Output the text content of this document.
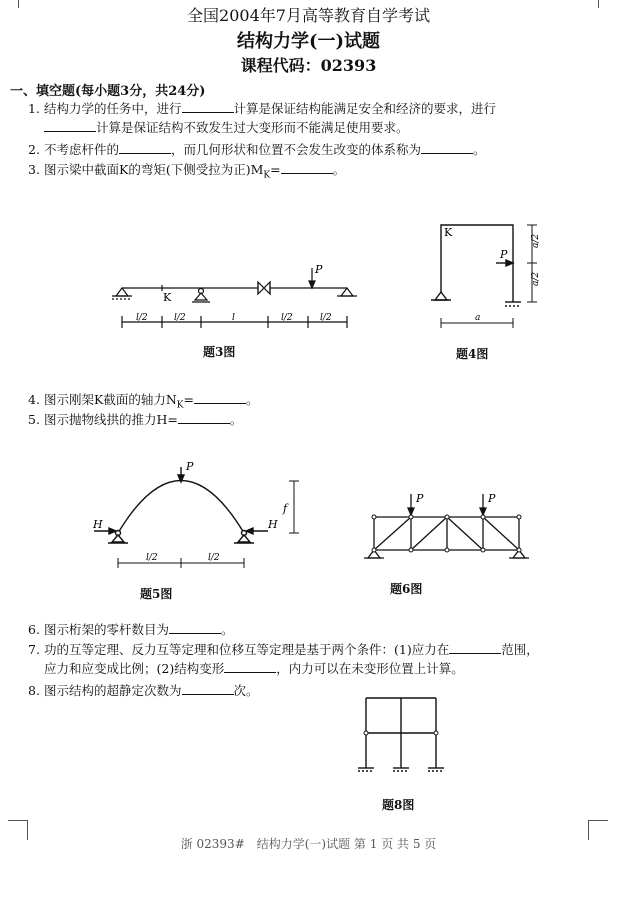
全国2004年7月高等教育自学考试
结构力学(一)试题
课程代码：02393
一、填空题(每小题3分，共24分)
1. 结构力学的任务中，进行	计算是保证结构能满足安全和经济的要求，进行
计算是保证结构不致发生过大变形而不能满足使用要求。
2. 不考虑杆件的	，而几何形状和位置不会发生改变的体系称为	。
3. 图示梁中截面K的弯矩(下侧受拉为正)$M_K=$	。
P
K
l/2	l/2	l	l/2	l/2
题3图
K
P
a/2
a/2
a
题4图
4. 图示刚架K截面的轴力$N_K=$	。
5. 图示抛物线拱的推力H=	。
P
H	H
f
l/2	l/2
题5图
P	P
题6图
6. 图示桁架的零杆数目为	。
7. 功的互等定理、反力互等定理和位移互等定理是基于两个条件：(1)应力在	范围，
应力和应变成比例；(2)结构变形	，内力可以在未变形位置上计算。
8. 图示结构的超静定次数为	次。
题8图
浙 02393#　结构力学(一)试题 第 1 页 共 5 页
